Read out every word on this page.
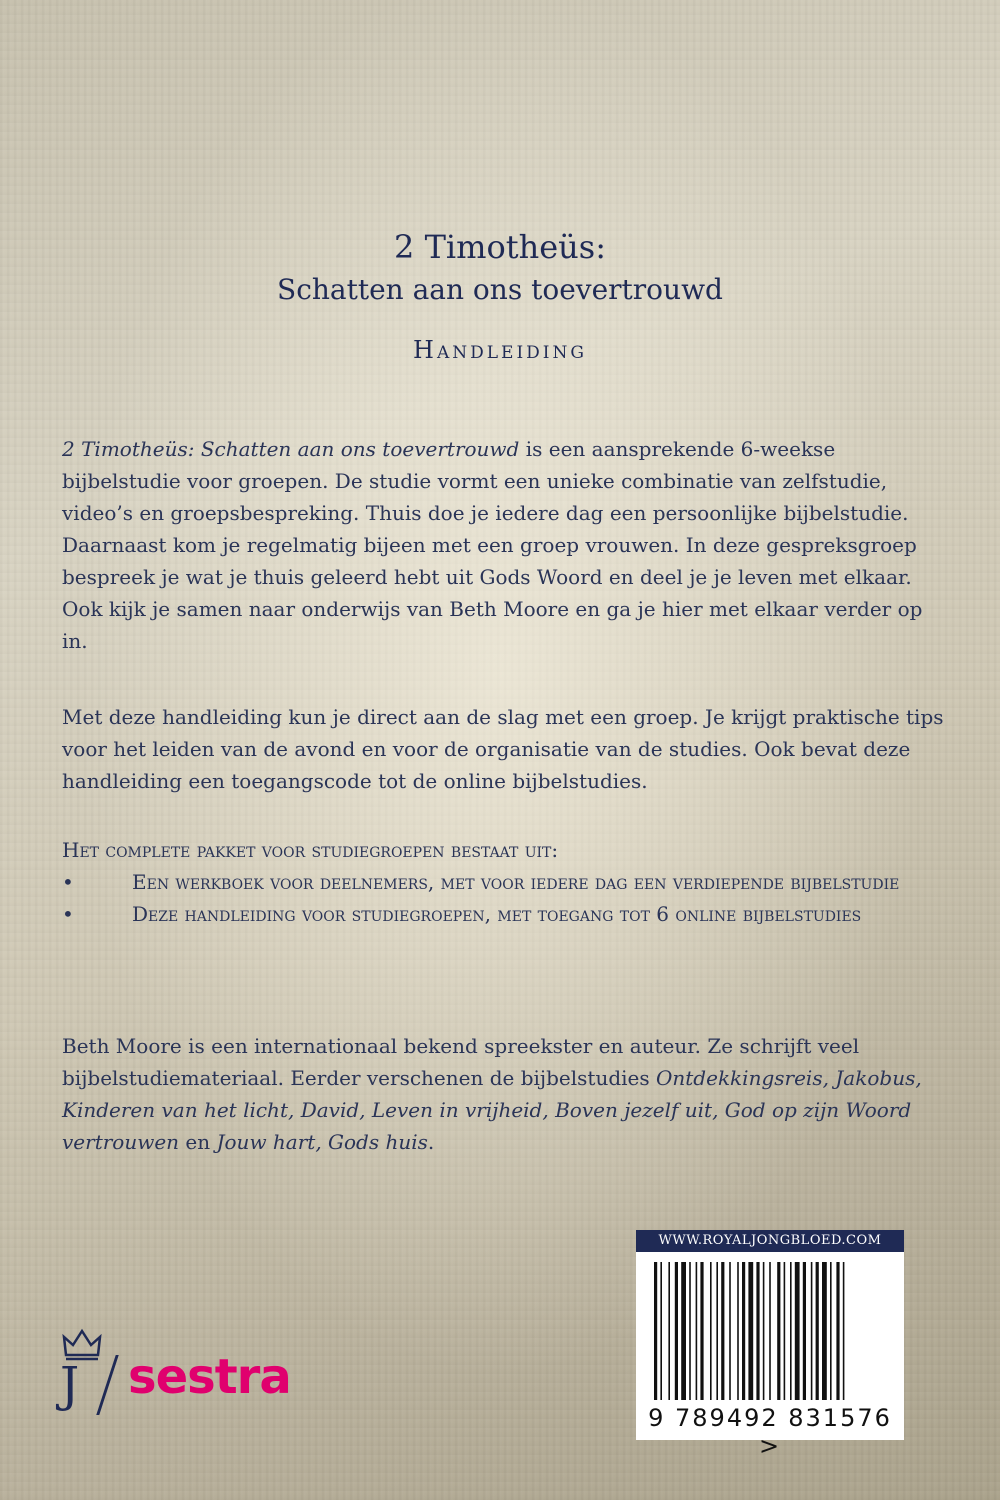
2 Timotheüs:
Schatten aan ons toevertrouwd
Handleiding
2 Timotheüs: Schatten aan ons toevertrouwd is een aansprekende 6-weekse bijbelstudie voor groepen. De studie vormt een unieke combinatie van zelfstudie, video’s en groepsbespreking. Thuis doe je iedere dag een persoonlijke bijbelstudie. Daarnaast kom je regelmatig bijeen met een groep vrouwen. In deze gespreksgroep bespreek je wat je thuis geleerd hebt uit Gods Woord en deel je je leven met elkaar. Ook kijk je samen naar onderwijs van Beth Moore en ga je hier met elkaar verder op in.
Met deze handleiding kun je direct aan de slag met een groep. Je krijgt praktische tips voor het leiden van de avond en voor de organisatie van de studies. Ook bevat deze handleiding een toegangscode tot de online bijbelstudies.
Het complete pakket voor studiegroepen bestaat uit:
•	Een werkboek voor deelnemers, met voor iedere dag een verdiepende bijbelstudie
•	Deze handleiding voor studiegroepen, met toegang tot 6 online bijbelstudies
Beth Moore is een internationaal bekend spreekster en auteur. Ze schrijft veel bijbelstudiemateriaal. Eerder verschenen de bijbelstudies Ontdekkingsreis, Jakobus, Kinderen van het licht, David, Leven in vrijheid, Boven jezelf uit, God op zijn Woord vertrouwen en Jouw hart, Gods huis.
WWW.ROYALJONGBLOED.COM
9 789492 831576 >
J sestra
